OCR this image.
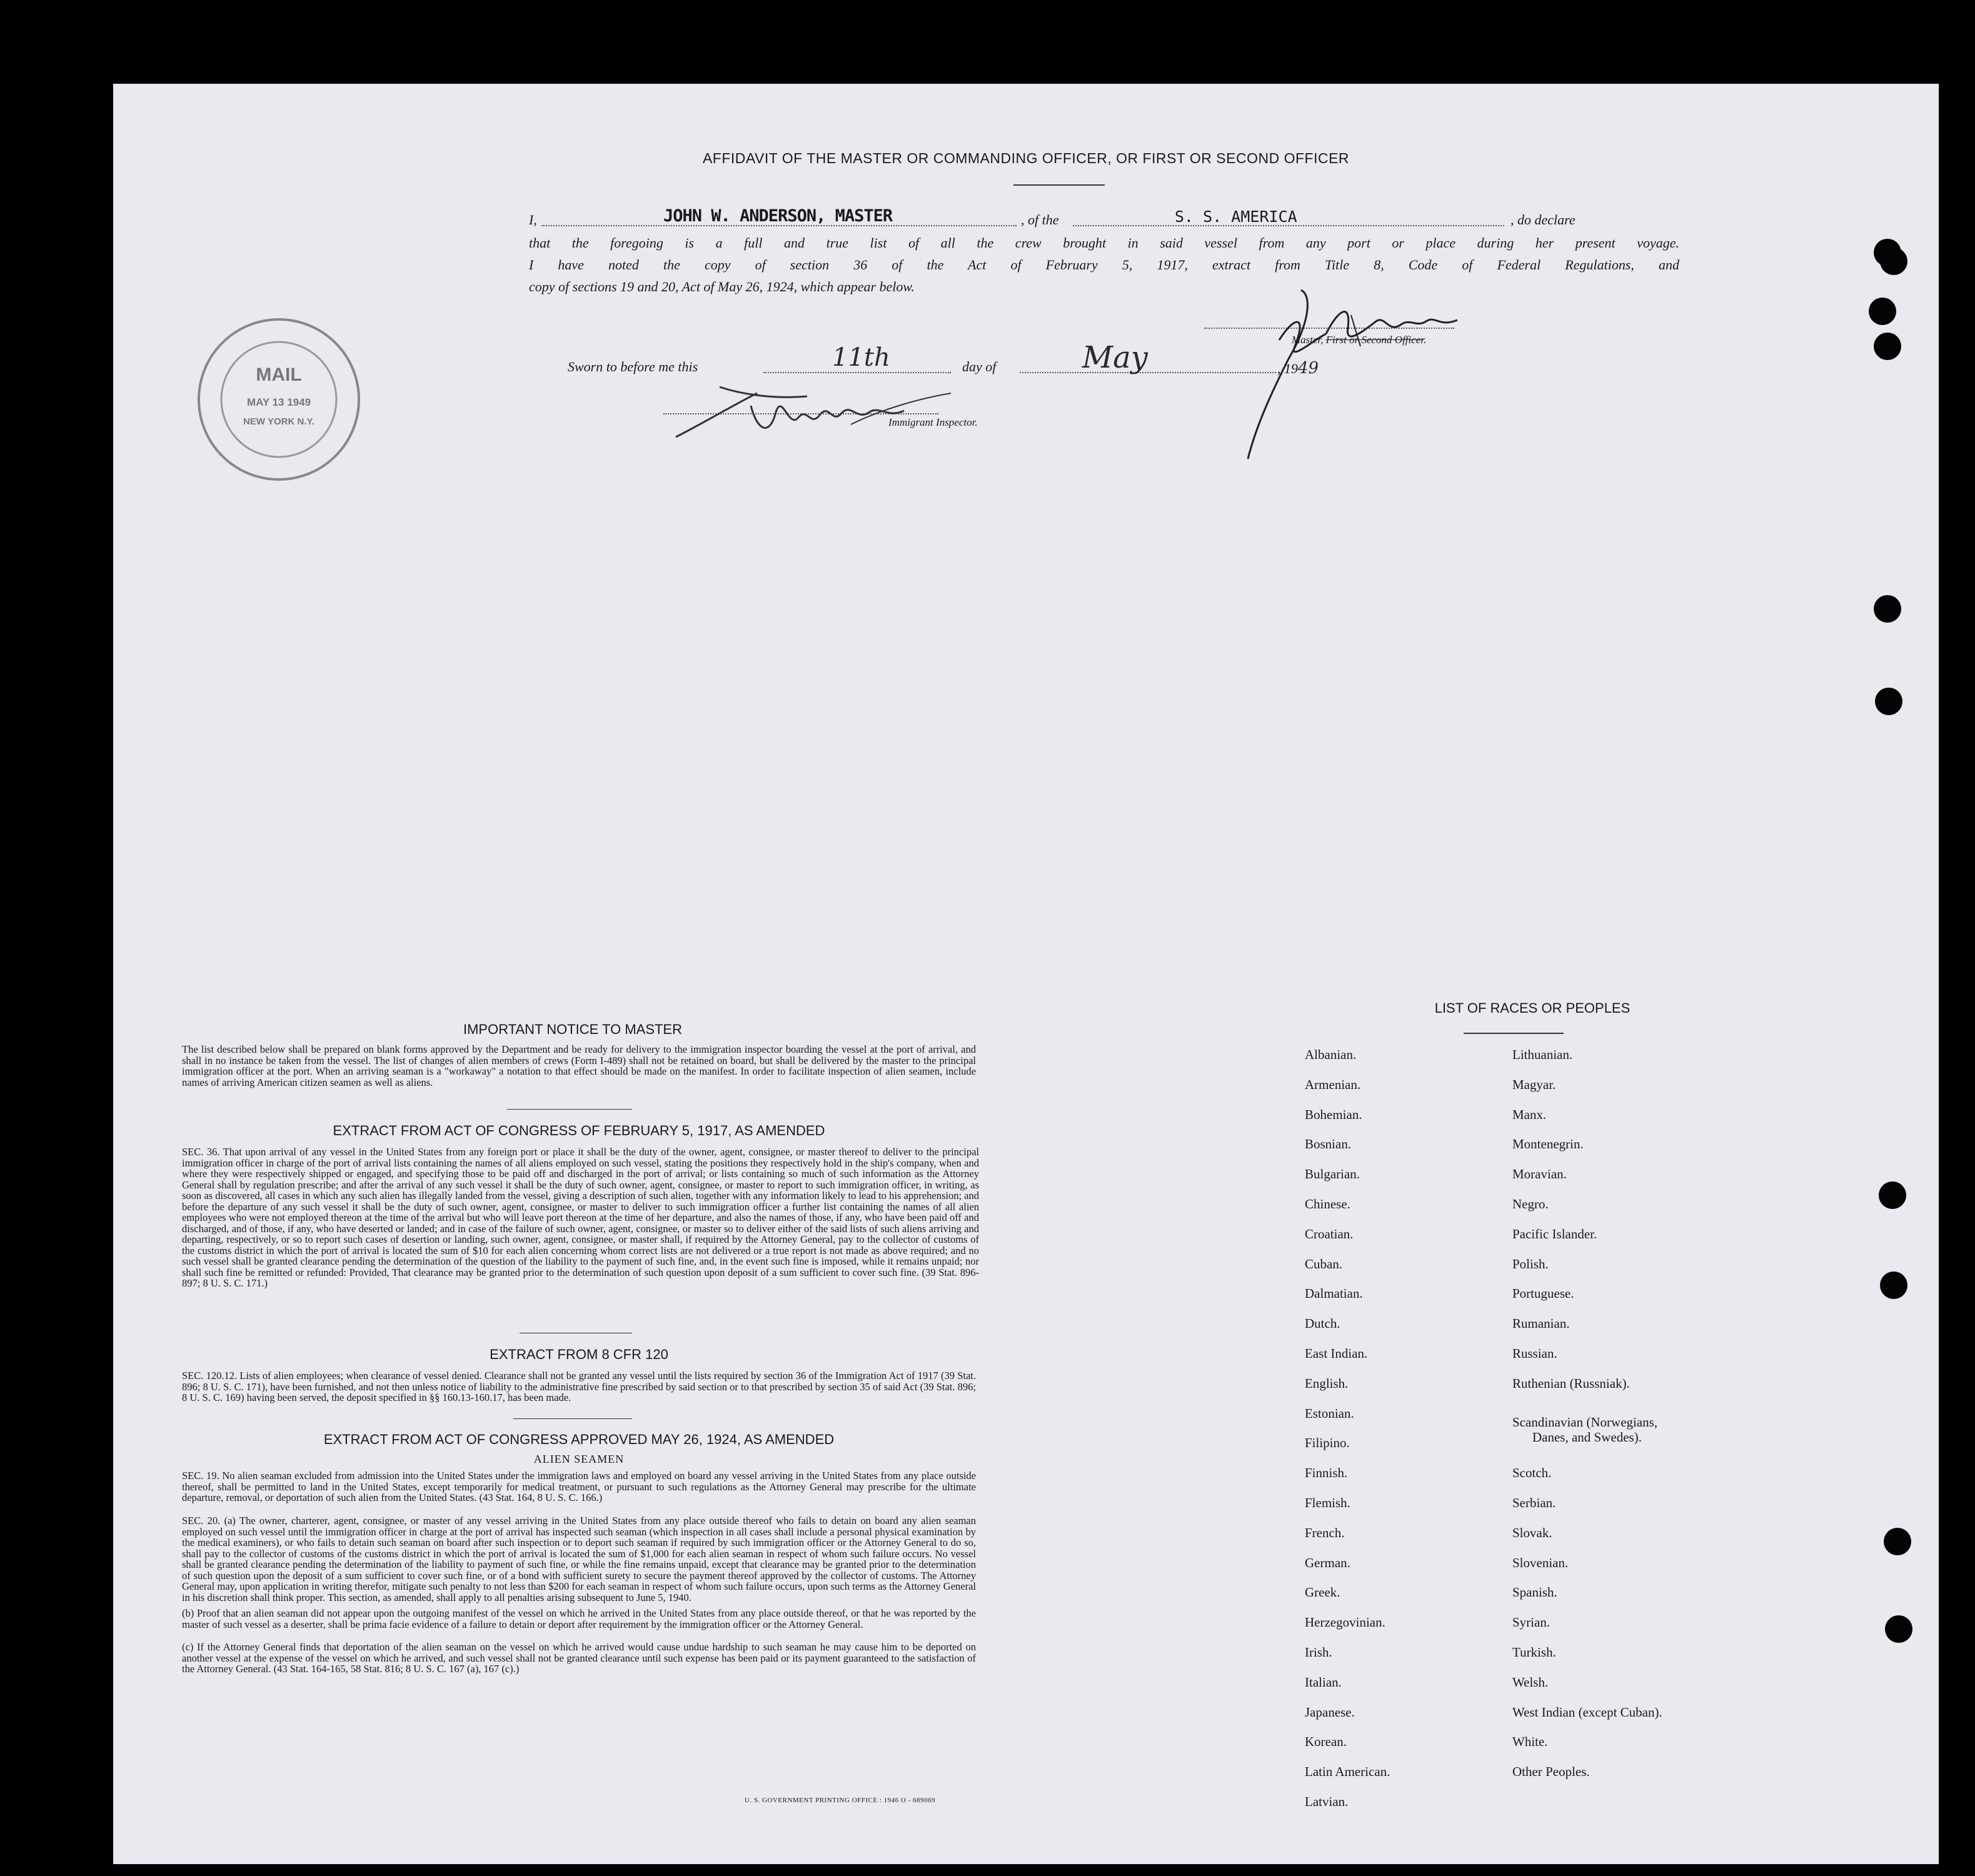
AFFIDAVIT OF THE MASTER OR COMMANDING OFFICER, OR FIRST OR SECOND OFFICER
I,	JOHN W. ANDERSON, MASTER	, of the	S. S. AMERICA	, do declare
that the foregoing is a full and true list of all the crew brought in said vessel from any port or place during her present voyage.
I have noted the copy of section 36 of the Act of February 5, 1917, extract from Title 8, Code of Federal Regulations, and
copy of sections 19 and 20, Act of May 26, 1924, which appear below.
Master, First or Second Officer.
Sworn to before me this	11th	day of	May	, 1949
Immigrant Inspector.
MAIL
MAY 13 1949
NEW YORK N.Y.
IMPORTANT NOTICE TO MASTER
The list described below shall be prepared on blank forms approved by the Department and be ready for delivery to the immigration inspector boarding the vessel at the port of arrival, and shall in no instance be taken from the vessel. The list of changes of alien members of crews (Form I-489) shall not be retained on board, but shall be delivered by the master to the principal immigration officer at the port. When an arriving seaman is a "workaway" a notation to that effect should be made on the manifest. In order to facilitate inspection of alien seamen, include names of arriving American citizen seamen as well as aliens.
EXTRACT FROM ACT OF CONGRESS OF FEBRUARY 5, 1917, AS AMENDED
SEC. 36. That upon arrival of any vessel in the United States from any foreign port or place it shall be the duty of the owner, agent, consignee, or master thereof to deliver to the principal immigration officer in charge of the port of arrival lists containing the names of all aliens employed on such vessel, stating the positions they respectively hold in the ship's company, when and where they were respectively shipped or engaged, and specifying those to be paid off and discharged in the port of arrival; or lists containing so much of such information as the Attorney General shall by regulation prescribe; and after the arrival of any such vessel it shall be the duty of such owner, agent, consignee, or master to report to such immigration officer, in writing, as soon as discovered, all cases in which any such alien has illegally landed from the vessel, giving a description of such alien, together with any information likely to lead to his apprehension; and before the departure of any such vessel it shall be the duty of such owner, agent, consignee, or master to deliver to such immigration officer a further list containing the names of all alien employees who were not employed thereon at the time of the arrival but who will leave port thereon at the time of her departure, and also the names of those, if any, who have been paid off and discharged, and of those, if any, who have deserted or landed; and in case of the failure of such owner, agent, consignee, or master so to deliver either of the said lists of such aliens arriving and departing, respectively, or so to report such cases of desertion or landing, such owner, agent, consignee, or master shall, if required by the Attorney General, pay to the collector of customs of the customs district in which the port of arrival is located the sum of $10 for each alien concerning whom correct lists are not delivered or a true report is not made as above required; and no such vessel shall be granted clearance pending the determination of the question of the liability to the payment of such fine, and, in the event such fine is imposed, while it remains unpaid; nor shall such fine be remitted or refunded: Provided, That clearance may be granted prior to the determination of such question upon deposit of a sum sufficient to cover such fine. (39 Stat. 896-897; 8 U. S. C. 171.)
EXTRACT FROM 8 CFR 120
SEC. 120.12. Lists of alien employees; when clearance of vessel denied. Clearance shall not be granted any vessel until the lists required by section 36 of the Immigration Act of 1917 (39 Stat. 896; 8 U. S. C. 171), have been furnished, and not then unless notice of liability to the administrative fine prescribed by said section or to that prescribed by section 35 of said Act (39 Stat. 896; 8 U. S. C. 169) having been served, the deposit specified in §§ 160.13-160.17, has been made.
EXTRACT FROM ACT OF CONGRESS APPROVED MAY 26, 1924, AS AMENDED
ALIEN SEAMEN
SEC. 19. No alien seaman excluded from admission into the United States under the immigration laws and employed on board any vessel arriving in the United States from any place outside thereof, shall be permitted to land in the United States, except temporarily for medical treatment, or pursuant to such regulations as the Attorney General may prescribe for the ultimate departure, removal, or deportation of such alien from the United States. (43 Stat. 164, 8 U. S. C. 166.)
SEC. 20. (a) The owner, charterer, agent, consignee, or master of any vessel arriving in the United States from any place outside thereof who fails to detain on board any alien seaman employed on such vessel until the immigration officer in charge at the port of arrival has inspected such seaman (which inspection in all cases shall include a personal physical examination by the medical examiners), or who fails to detain such seaman on board after such inspection or to deport such seaman if required by such immigration officer or the Attorney General to do so, shall pay to the collector of customs of the customs district in which the port of arrival is located the sum of $1,000 for each alien seaman in respect of whom such failure occurs. No vessel shall be granted clearance pending the determination of the liability to payment of such fine, or while the fine remains unpaid, except that clearance may be granted prior to the determination of such question upon the deposit of a sum sufficient to cover such fine, or of a bond with sufficient surety to secure the payment thereof approved by the collector of customs. The Attorney General may, upon application in writing therefor, mitigate such penalty to not less than $200 for each seaman in respect of whom such failure occurs, upon such terms as the Attorney General in his discretion shall think proper. This section, as amended, shall apply to all penalties arising subsequent to June 5, 1940.
(b) Proof that an alien seaman did not appear upon the outgoing manifest of the vessel on which he arrived in the United States from any place outside thereof, or that he was reported by the master of such vessel as a deserter, shall be prima facie evidence of a failure to detain or deport after requirement by the immigration officer or the Attorney General.
(c) If the Attorney General finds that deportation of the alien seaman on the vessel on which he arrived would cause undue hardship to such seaman he may cause him to be deported on another vessel at the expense of the vessel on which he arrived, and such vessel shall not be granted clearance until such expense has been paid or its payment guaranteed to the satisfaction of the Attorney General. (43 Stat. 164-165, 58 Stat. 816; 8 U. S. C. 167 (a), 167 (c).)
U. S. GOVERNMENT PRINTING OFFICE : 1946 O - 689069
LIST OF RACES OR PEOPLES
Albanian.
Armenian.
Bohemian.
Bosnian.
Bulgarian.
Chinese.
Croatian.
Cuban.
Dalmatian.
Dutch.
East Indian.
English.
Estonian.
Filipino.
Finnish.
Flemish.
French.
German.
Greek.
Herzegovinian.
Irish.
Italian.
Japanese.
Korean.
Latin American.
Latvian.
Lithuanian.
Magyar.
Manx.
Montenegrin.
Moravian.
Negro.
Pacific Islander.
Polish.
Portuguese.
Rumanian.
Russian.
Ruthenian (Russniak).
Scandinavian (Norwegians,
Danes, and Swedes).
Scotch.
Serbian.
Slovak.
Slovenian.
Spanish.
Syrian.
Turkish.
Welsh.
West Indian (except Cuban).
White.
Other Peoples.
